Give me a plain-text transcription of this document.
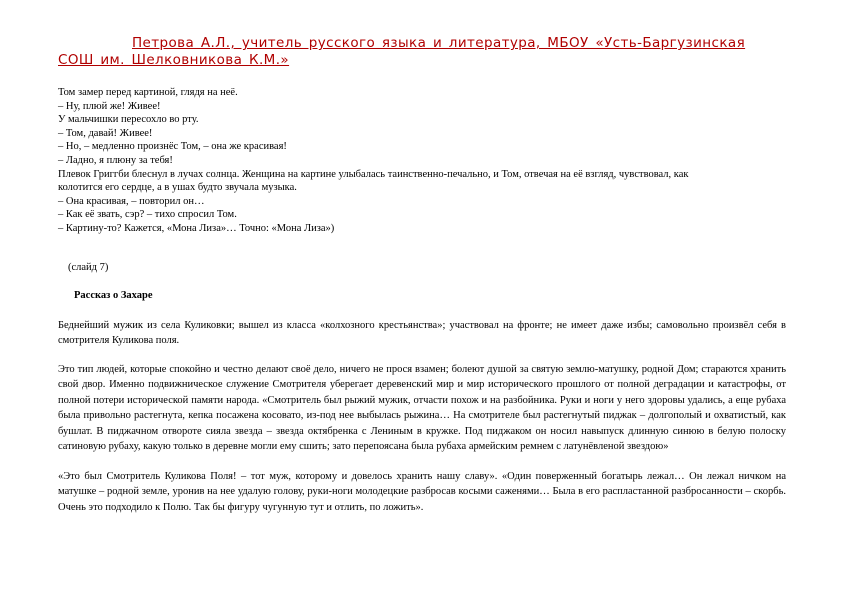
Петрова А.Л., учитель русского языка и литература, МБОУ «Усть-Баргузинская
СОШ им. Шелковникова К.М.»
Том замер перед картиной, глядя на неё.
– Ну, плюй же! Живее!
У мальчишки пересохло во рту.
– Том, давай! Живее!
– Но, – медленно произнёс Том, – она же красивая!
– Ладно, я плюну за тебя!
Плевок Григгби блеснул в лучах солнца. Женщина на картине улыбалась таинственно-печально, и Том, отвечая на её взгляд, чувствовал, как
колотится его сердце, а в ушах будто звучала музыка.
– Она красивая, – повторил он…
– Как её звать, сэр? – тихо спросил Том.
– Картину-то? Кажется, «Мона Лиза»… Точно: «Мона Лиза»)
(слайд 7)
Рассказ о Захаре
Беднейший мужик из села Куликовки; вышел из класса «колхозного крестьянства»; участвовал на фронте; не имеет даже избы; самовольно произвёл себя в смотрителя Куликова поля.
Это тип людей, которые спокойно и честно делают своё дело, ничего не прося взамен; болеют душой за святую землю-матушку, родной Дом; стараются хранить свой двор. Именно подвижническое служение Смотрителя уберегает деревенский мир и мир исторического прошлого от полной деградации и катастрофы, от полной потери исторической памяти народа. «Смотритель был рыжий мужик, отчасти похож и на разбойника. Руки и ноги у него здоровы удались, а еще рубаха была привольно растегнута, кепка посажена косовато, из-под нее выбылась рыжина… На смотрителе был растегнутый пиджак – долгополый и охватистый, как бушлат. В пиджачном отвороте сияла звезда – звезда октябренка с Лениным в кружке. Под пиджаком он носил навыпуск длинную синюю в белую полоску сатиновую рубаху, какую только в деревне могли ему сшить; зато перепоясана была рубаха армейским ремнем с латунёвленой звездою»
«Это был Смотритель Куликова Поля! – тот муж, которому и довелось хранить нашу славу». «Один поверженный богатырь лежал… Он лежал ничком на матушке – родной земле, уронив на нее удалую голову, руки-ноги молодецкие разбросав косыми саженями… Была в его распластанной разбросанности – скорбь. Очень это подходило к Полю. Так бы фигуру чугунную тут и отлить, по ложить».
